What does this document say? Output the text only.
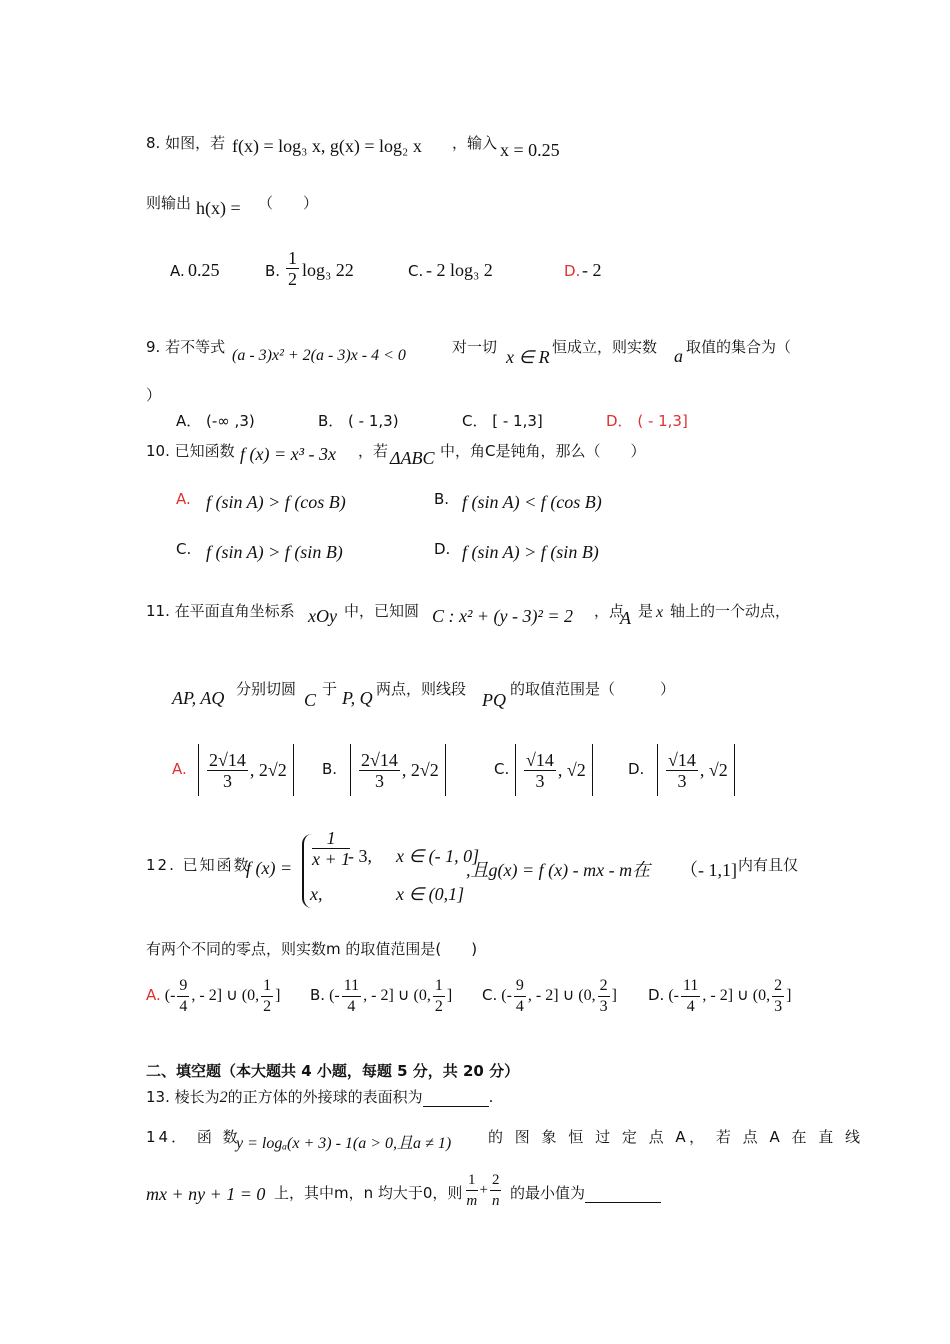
8. 如图，若 f(x) = log₃ x, g(x) = log₂ x ，输入 x = 0.25
则输出 h(x) = （　　）
A. 0.25	B. $\frac{1}{2} \log_3$ 22	C. - 2 log₃ 2	D. - 2
9. 若不等式 (a - 3)x² + 2(a - 3)x - 4 < 0	对一切 x ∈ R 恒成立，则实数 a 取值的集合为（
）
A． (-∞ ,3)	B． ( - 1,3)	C． [ - 1,3]	D． ( - 1,3]
10. 已知函数 f (x) = x³ - 3x ，若 ΔABC 中，角C是钝角，那么（　　）
A. f (sin A) > f (cos B)	B. f (sin A) < f (cos B)
C. f (sin A) > f (sin B)	D. f (sin A) > f (sin B)
11. 在平面直角坐标系 xOy 中，已知圆 C : x² + (y - 3)² = 2 ，点
A 是 x 轴上的一个动点，
AP, AQ 分别切圆
C
于 P, Q 两点，则线段
PQ
的取值范围是（　　　）
A. $\frac{2√14}{3}$ , 2√2 B. $\frac{2√14}{3}$ , 2√2	C. $\frac{√14}{3}$ , √2	D. $\frac{√14}{3}$ , √2
12. 已知函数
f $(x) = \frac{1}{x + 1}$
- 3, x ∈ (- 1, 0]
x,	x ∈ (0,1]
,且g(x) = f (x) - mx - m在 （- 1,1] 内有且仅
有两个不同的零点，则实数m 的取值范围是(　　)
A. (- $\frac{9}{4}$ , - 2] ∪ (0, $\frac{1}{2}$ ] B. (- $\frac{11}{4}$ , - 2] ∪ (0, $\frac{1}{2}$ ] C. (- $\frac{9}{4}$ , - 2] ∪ (0, $\frac{2}{3}$ ] D. (- $\frac{11}{4}$ , - 2] ∪ (0, $\frac{2}{3}$ ]
二、填空题（本大题共 4 小题，每题 5 分，共 20 分）
13. 棱长为2的正方体的外接球的表面积为	.
14． 函 数
y = logₐ(x + 3) - 1(a > 0,且a ≠ 1) 的 图 象 恒 过 定 点 A， 若 点 A 在 直 线
mx + ny + 1 = 0 上，其中m，n 均大于0，则 $\frac{1}{m} + \frac{2}{n}$ 的最小值为
